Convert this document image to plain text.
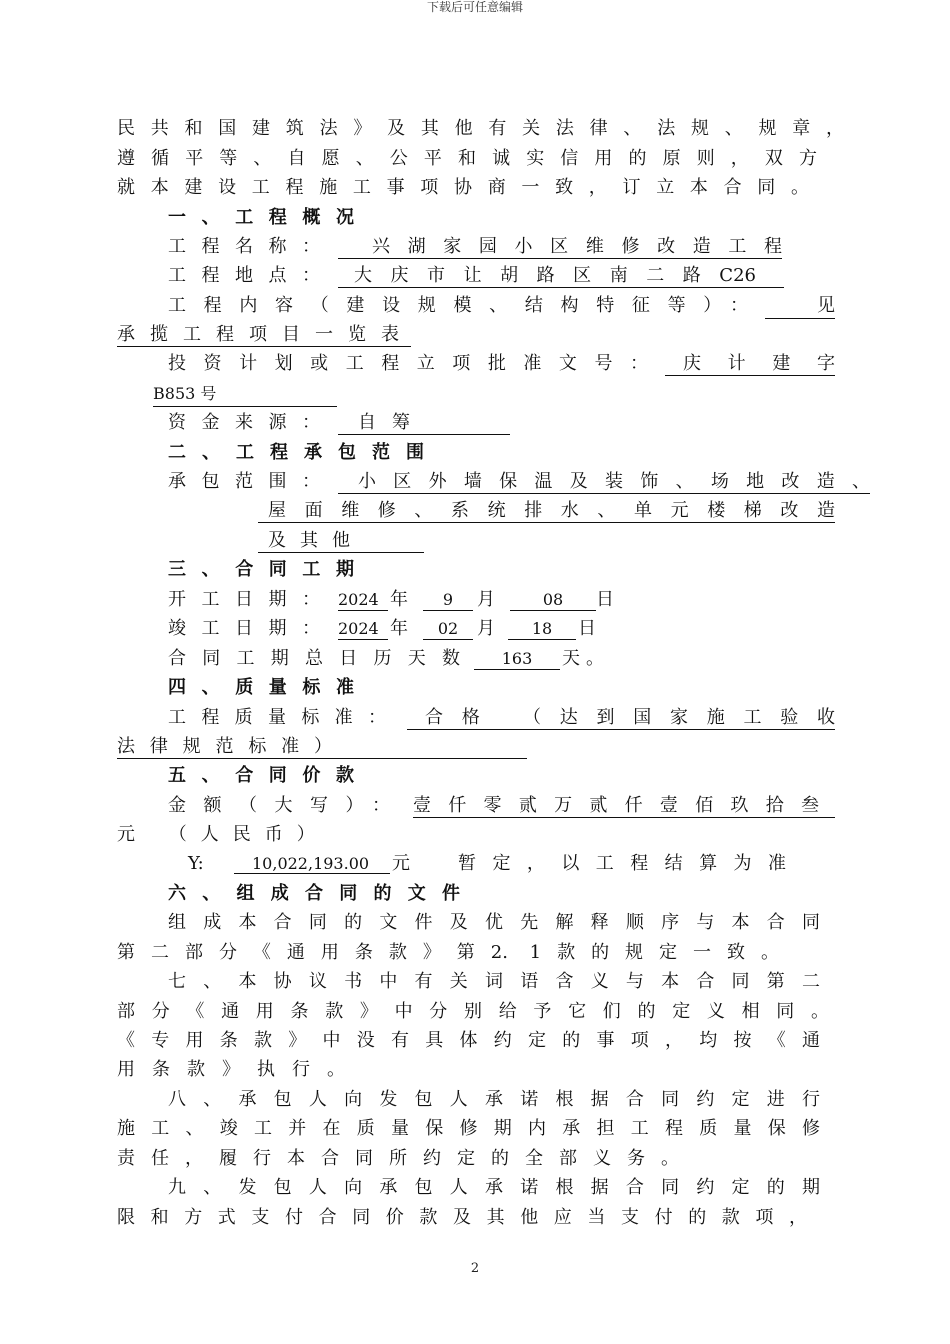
下载后可任意编辑
民共和国建筑法》及其他有关法律、法规、规章，
遵循平等、自愿、公平和诚实信用的原则，双方
就本建设工程施工事项协商一致，订立本合同。
一、工程概况
工程名称：	兴湖家园小区维修改造工程
工程地点：	大庆市让胡路区南二路C26
工程内容（建设规模、结构特征等）：	见
承揽工程项目一览表
投资计划或工程立项批准文号：	庆计建字
B853 号
资金来源：	自筹
二、工程承包范围
承包范围：	小区外墙保温及装饰、场地改造、
屋面维修、系统排水、单元楼梯改造
及其他
三、合同工期
开工日期： 2024 年	9	月	08	日
竣工日期： 2024 年	02	月	18	日
合同工期总日历天数	163	天。
四、质量标准
工程质量标准：	合格 （达到国家施工验收
法律规范标准）
五、合同价款
金额（大写）： 壹仟零贰万贰仟壹佰玖拾叁
元 （人民币）
Y:	10,022,193.00	元	暂定，以工程结算为准
六、组成合同的文件
组成本合同的文件及优先解释顺序与本合同
第二部分《通用条款》第2. 1款的规定一致。
七、本协议书中有关词语含义与本合同第二
部分《通用条款》中分别给予它们的定义相同。
《专用条款》中没有具体约定的事项，均按《通
用条款》执行。
八、承包人向发包人承诺根据合同约定进行
施工、竣工并在质量保修期内承担工程质量保修
责任，履行本合同所约定的全部义务。
九、发包人向承包人承诺根据合同约定的期
限和方式支付合同价款及其他应当支付的款项，
2
